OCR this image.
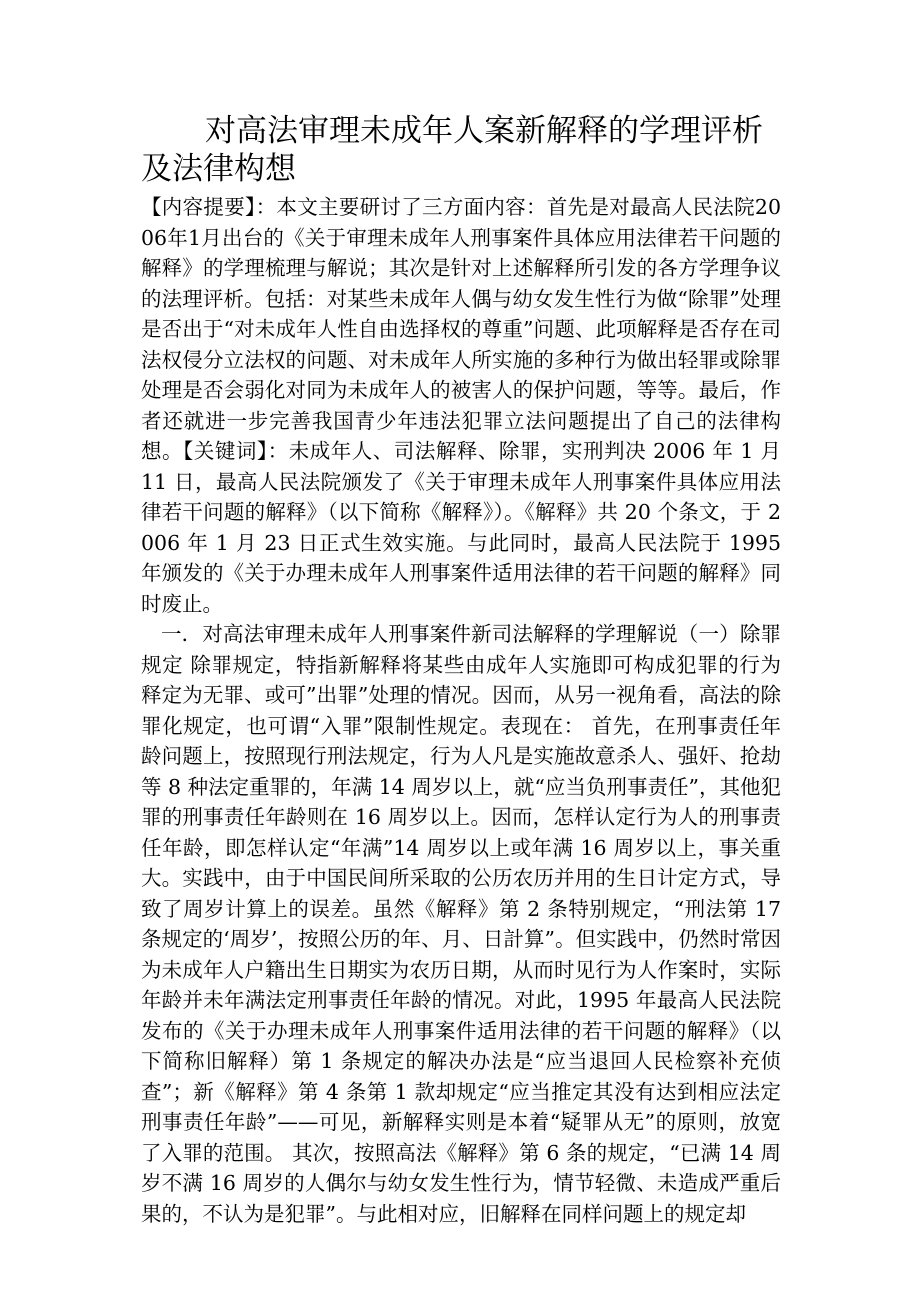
对高法审理未成年人案新解释的学理评析及法律构想

【内容提要】：本文主要研讨了三方面内容：首先是对最高人民法院2006年1月出台的《关于审理未成年人刑事案件具体应用法律若干问题的解释》的学理梳理与解说；其次是针对上述解释所引发的各方学理争议的法理评析。包括：对某些未成年人偶与幼女发生性行为做“除罪”处理是否出于“对未成年人性自由选择权的尊重”问题、此项解释是否存在司法权侵分立法权的问题、对未成年人所实施的多种行为做出轻罪或除罪处理是否会弱化对同为未成年人的被害人的保护问题，等等。最后，作者还就进一步完善我国青少年违法犯罪立法问题提出了自己的法律构想。【关键词】：未成年人、司法解释、除罪，实刑判决 2006 年 1 月 11 日，最高人民法院颁发了《关于审理未成年人刑事案件具体应用法律若干问题的解释》（以下简称《解释》）。《解释》共 20 个条文，于 2006 年 1 月 23 日正式生效实施。与此同时，最高人民法院于 1995 年颁发的《关于办理未成年人刑事案件适用法律的若干问题的解释》同时废止。

一．对高法审理未成年人刑事案件新司法解释的学理解说（一）除罪规定 除罪规定，特指新解释将某些由成年人实施即可构成犯罪的行为释定为无罪、或可”出罪”处理的情况。因而，从另一视角看，高法的除罪化规定，也可谓“入罪”限制性规定。表现在： 首先，在刑事责任年龄问题上，按照现行刑法规定，行为人凡是实施故意杀人、强奸、抢劫等 8 种法定重罪的，年满 14 周岁以上，就“应当负刑事责任”，其他犯罪的刑事责任年龄则在 16 周岁以上。因而，怎样认定行为人的刑事责任年龄，即怎样认定“年满”14 周岁以上或年满 16 周岁以上，事关重大。实践中，由于中国民间所采取的公历农历并用的生日计定方式，导致了周岁计算上的误差。虽然《解释》第 2 条特别规定，“刑法第 17 条规定的‘周岁’，按照公历的年、月、日計算”。但实践中，仍然时常因为未成年人户籍出生日期实为农历日期，从而时见行为人作案时，实际年龄并未年满法定刑事责任年龄的情况。对此，1995 年最高人民法院发布的《关于办理未成年人刑事案件适用法律的若干问题的解释》（以下简称旧解释）第 1 条规定的解决办法是“应当退回人民检察补充侦查”；新《解释》第 4 条第 1 款却规定“应当推定其没有达到相应法定刑事责任年龄”——可见，新解释实则是本着“疑罪从无”的原则，放宽了入罪的范围。 其次，按照高法《解释》第 6 条的规定，“已满 14 周岁不满 16 周岁的人偶尔与幼女发生性行为，情节轻微、未造成严重后果的，不认为是犯罪”。与此相对应，旧解释在同样问题上的规定却
